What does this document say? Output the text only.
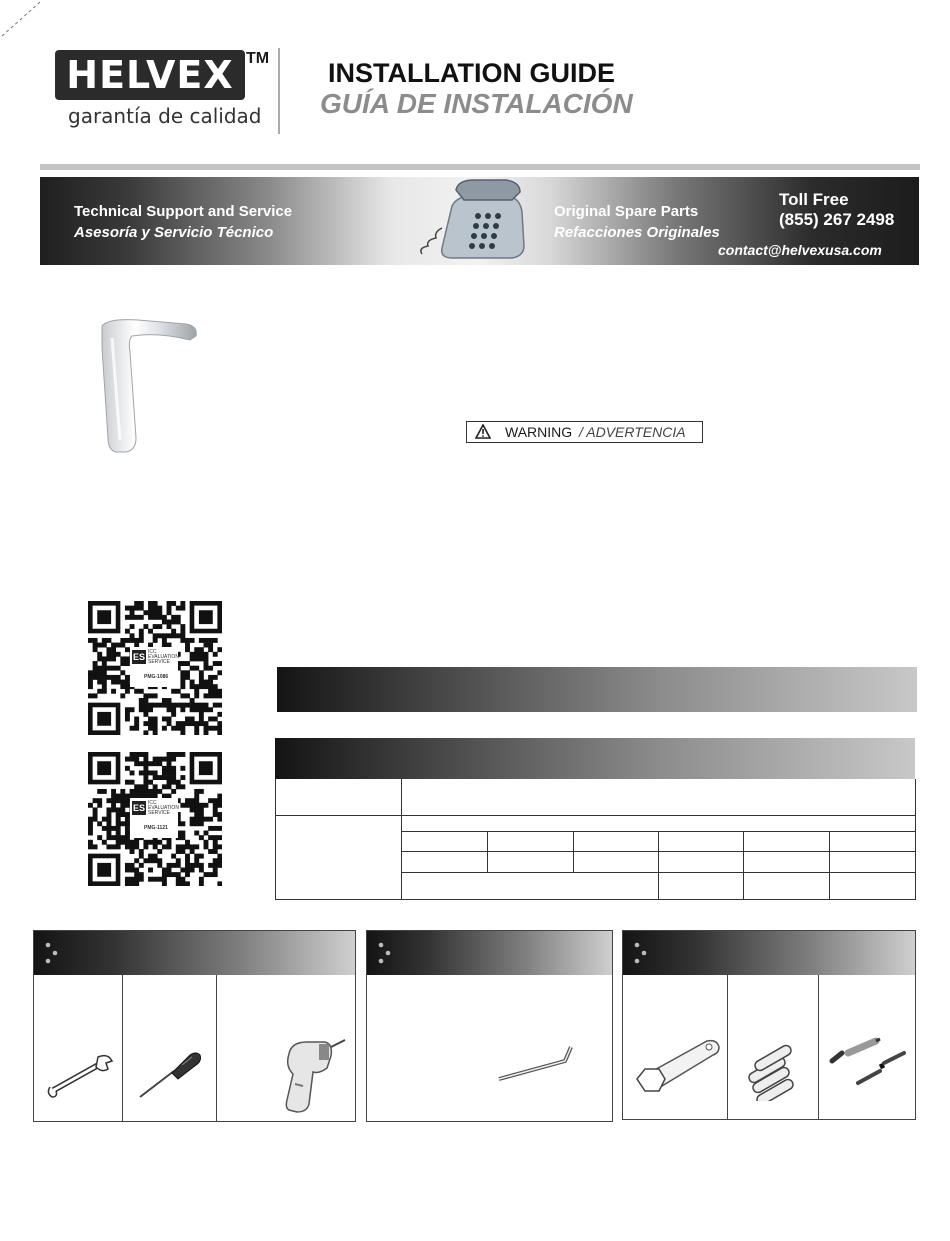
HELVEX TM
garantía de calidad
INSTALLATION GUIDE
GUÍA DE INSTALACIÓN
Technical Support and Service
Asesoría y Servicio Técnico
Original Spare Parts
Refacciones Originales
Toll Free
(855) 267 2498
contact@helvexusa.com
WARNING / ADVERTENCIA
ES ICC EVALUATION SERVICE
PMG-1086
ES ICC EVALUATION SERVICE
PMG-1121
